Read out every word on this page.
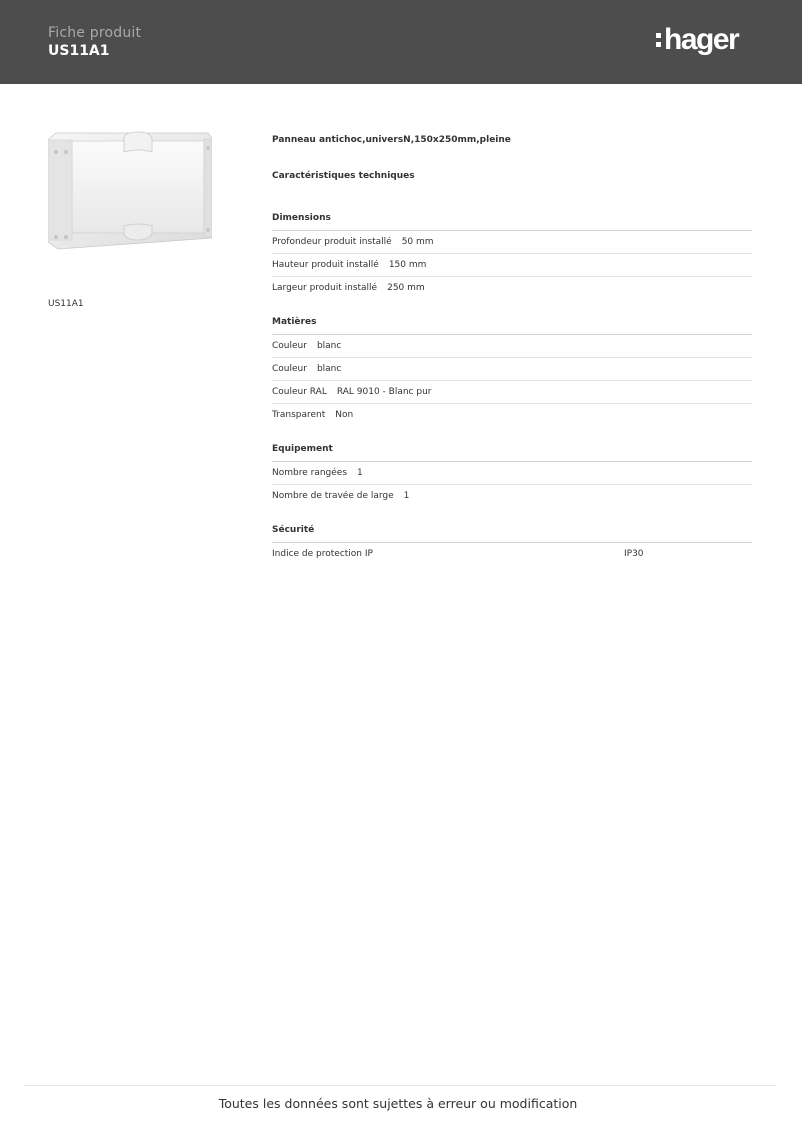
Fiche produit
US11A1	hager
US11A1
Panneau antichoc,universN,150x250mm,pleine
Caractéristiques techniques
Dimensions
Profondeur produit installé 50 mm
Hauteur produit installé 150 mm
Largeur produit installé 250 mm
Matières
Couleur blanc
Couleur blanc
Couleur RAL RAL 9010 - Blanc pur
Transparent Non
Equipement
Nombre rangées 1
Nombre de travée de large 1
Sécurité
Indice de protection IP	IP30
Toutes les données sont sujettes à erreur ou modification
